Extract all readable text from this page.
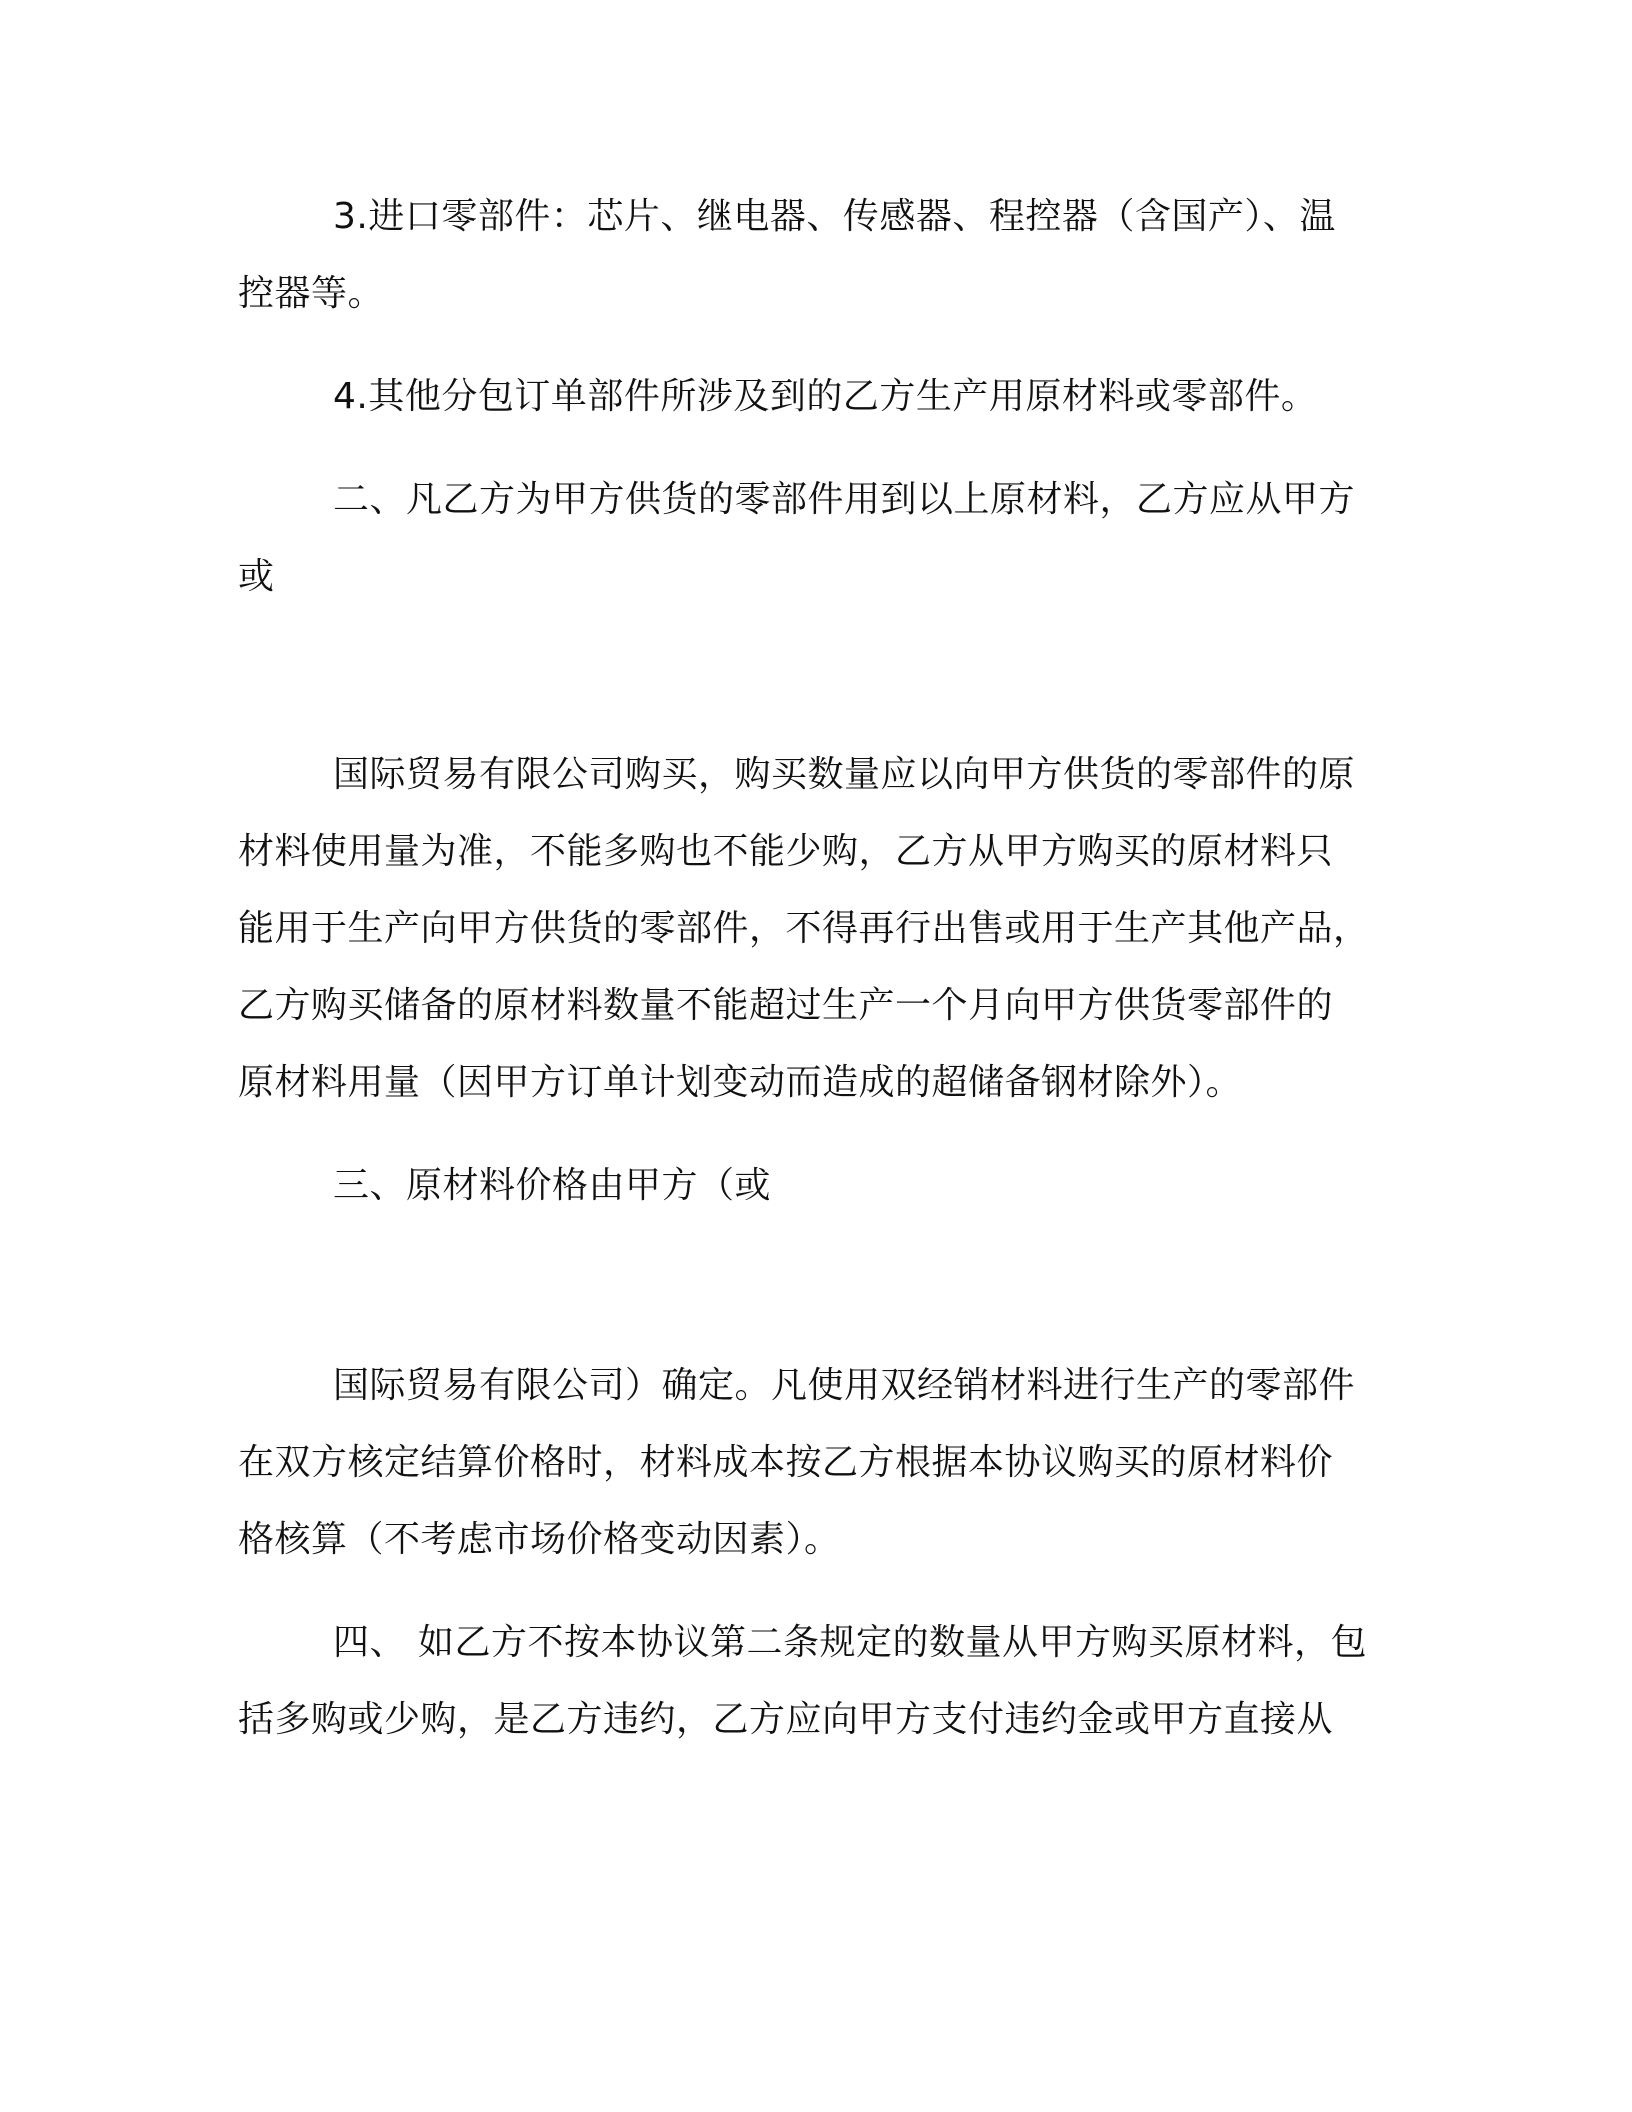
3.进口零部件：芯片、继电器、传感器、程控器（含国产）、温
控器等。
4.其他分包订单部件所涉及到的乙方生产用原材料或零部件。
二、凡乙方为甲方供货的零部件用到以上原材料，乙方应从甲方
或
国际贸易有限公司购买，购买数量应以向甲方供货的零部件的原
材料使用量为准，不能多购也不能少购，乙方从甲方购买的原材料只
能用于生产向甲方供货的零部件，不得再行出售或用于生产其他产品，
乙方购买储备的原材料数量不能超过生产一个月向甲方供货零部件的
原材料用量（因甲方订单计划变动而造成的超储备钢材除外）。
三、原材料价格由甲方（或
国际贸易有限公司）确定。凡使用双经销材料进行生产的零部件
在双方核定结算价格时，材料成本按乙方根据本协议购买的原材料价
格核算（不考虑市场价格变动因素）。
四、 如乙方不按本协议第二条规定的数量从甲方购买原材料，包
括多购或少购，是乙方违约，乙方应向甲方支付违约金或甲方直接从
